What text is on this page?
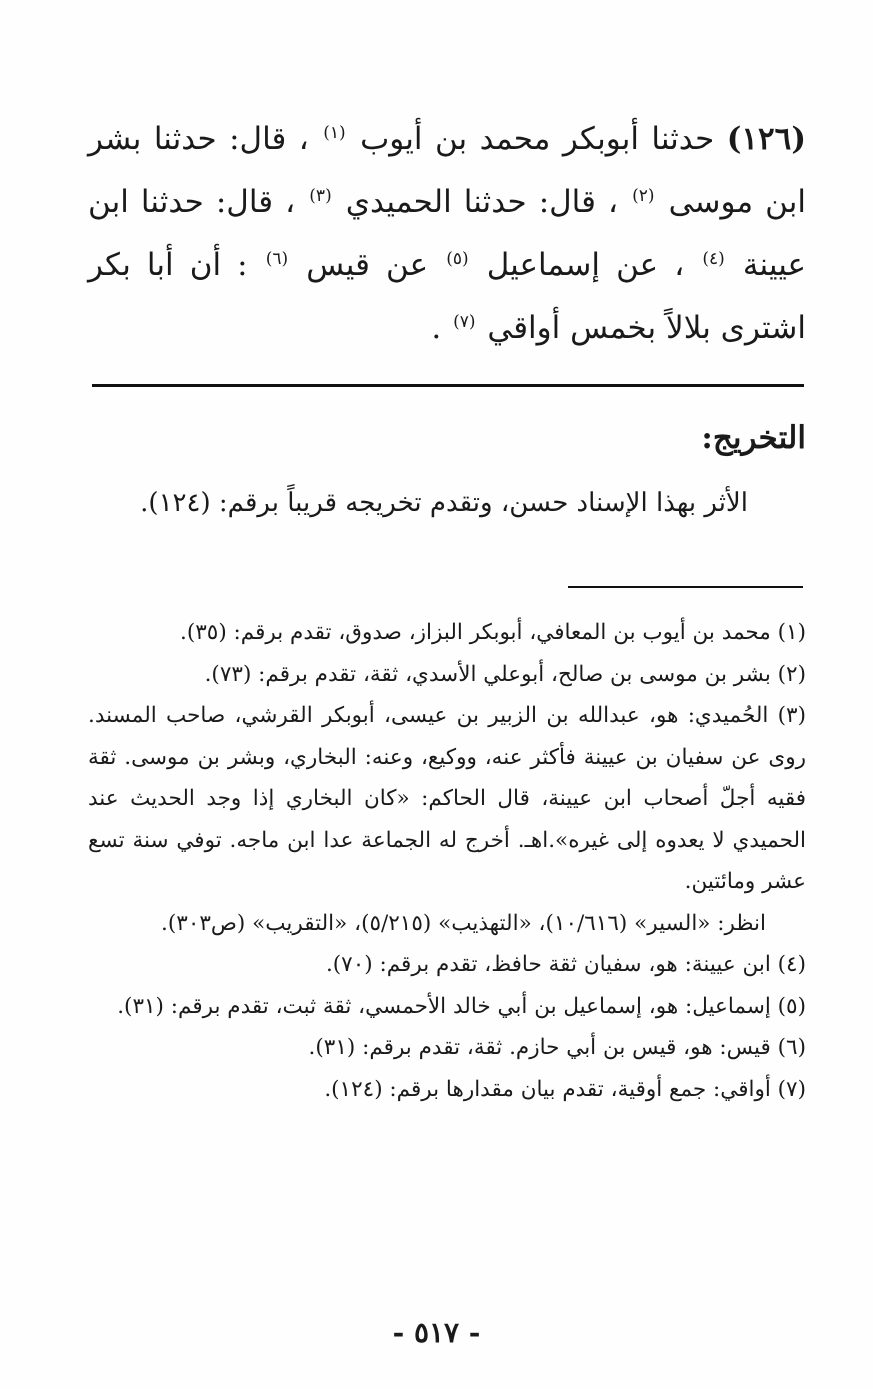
(١٢٦) حدثنا أبوبكر محمد بن أيوب $^{(١)}$ ، قال: حدثنا بشر ابن موسى $^{(٢)}$ ، قال: حدثنا الحميدي $^{(٣)}$ ، قال: حدثنا ابن عيينة $^{(٤)}$ ، عن إسماعيل $^{(٥)}$ عن قيس $^{(٦)}$ : أن أبا بكر اشترى بلالاً بخمس أواقي $^{(٧)}$ .
التخريج:
الأثر بهذا الإسناد حسن، وتقدم تخريجه قريباً برقم: (١٢٤).
(١) محمد بن أيوب بن المعافي، أبوبكر البزاز، صدوق، تقدم برقم: (٣٥).
(٢) بشر بن موسى بن صالح، أبوعلي الأسدي، ثقة، تقدم برقم: (٧٣).
(٣) الحُميدي: هو، عبدالله بن الزبير بن عيسى، أبوبكر القرشي، صاحب المسند. روى عن سفيان بن عيينة فأكثر عنه، ووكيع، وعنه: البخاري، وبشر بن موسى. ثقة فقيه أجلّ أصحاب ابن عيينة، قال الحاكم: «كان البخاري إذا وجد الحديث عند الحميدي لا يعدوه إلى غيره».اهـ. أخرج له الجماعة عدا ابن ماجه. توفي سنة تسع عشر ومائتين.
انظر: «السير» (١٠/٦١٦)، «التهذيب» (٥/٢١٥)، «التقريب» (ص٣٠٣).
(٤) ابن عيينة: هو، سفيان ثقة حافظ، تقدم برقم: (٧٠).
(٥) إسماعيل: هو، إسماعيل بن أبي خالد الأحمسي، ثقة ثبت، تقدم برقم: (٣١).
(٦) قيس: هو، قيس بن أبي حازم. ثقة، تقدم برقم: (٣١).
(٧) أواقي: جمع أوقية، تقدم بيان مقدارها برقم: (١٢٤).
- ٥١٧ -
